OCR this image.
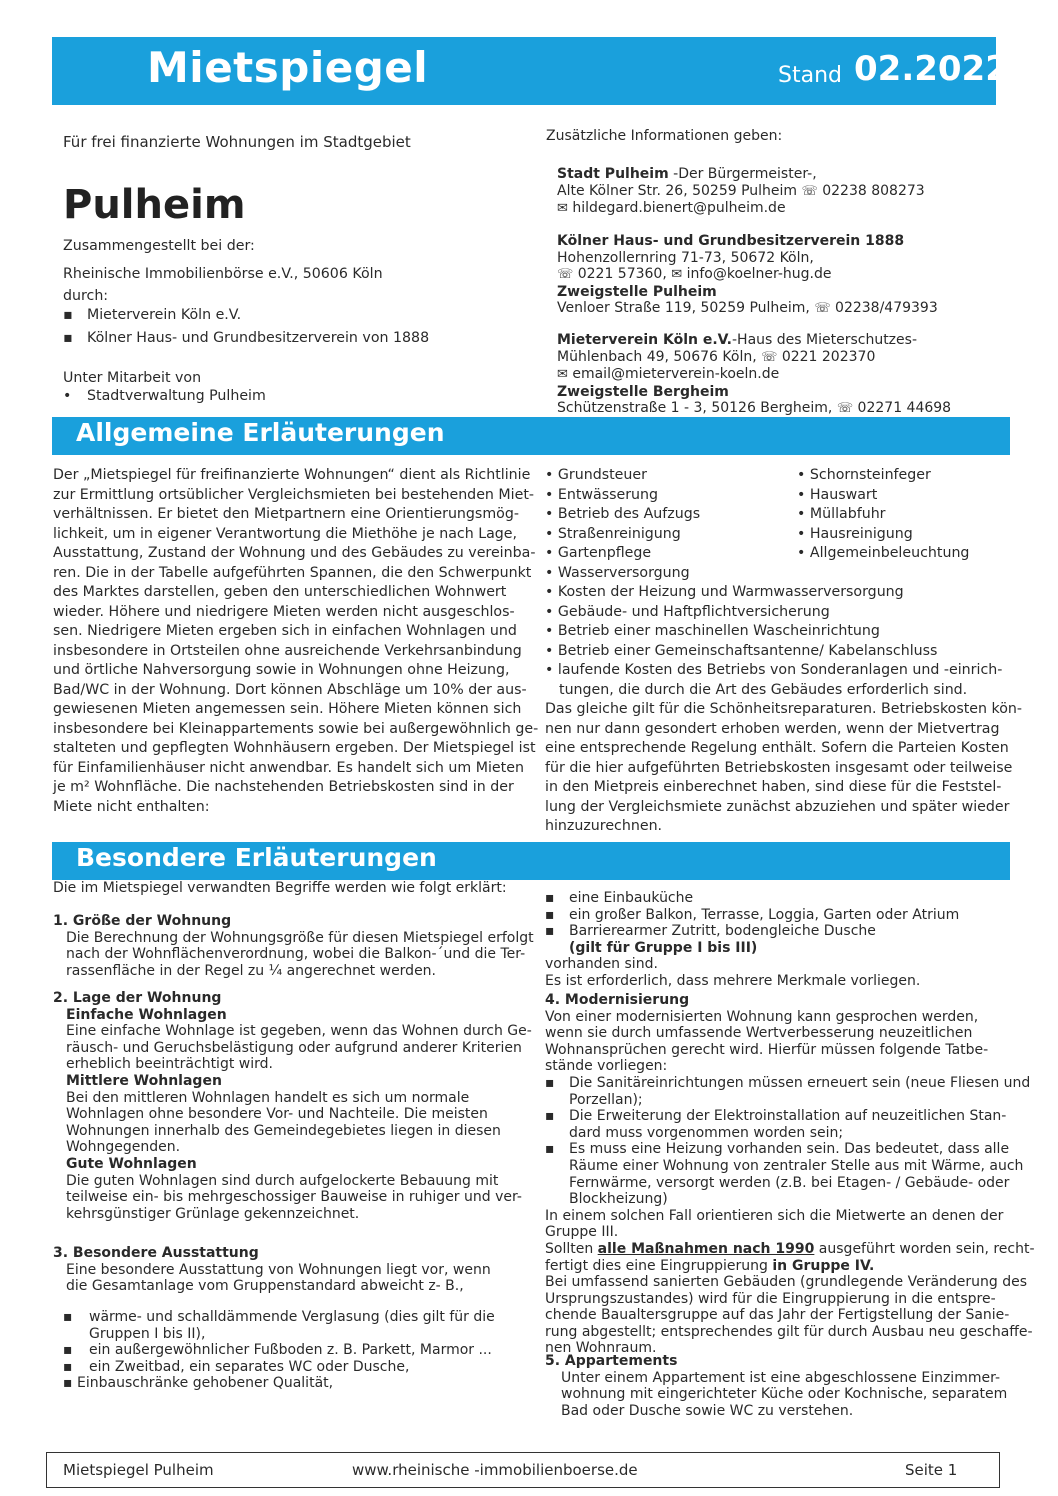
Mietspiegel	Stand 02.2022
Für frei finanzierte Wohnungen im Stadtgebiet
Pulheim
Zusammengestellt bei der:
Rheinische Immobilienbörse e.V., 50606 Köln
durch:
▪ Mieterverein Köln e.V.
▪ Kölner Haus- und Grundbesitzerverein von 1888
Unter Mitarbeit von
• Stadtverwaltung Pulheim
Zusätzliche Informationen geben:
Stadt Pulheim -Der Bürgermeister-,
Alte Kölner Str. 26, 50259 Pulheim ☏ 02238 808273
✉ hildegard.bienert@pulheim.de
Kölner Haus- und Grundbesitzerverein 1888
Hohenzollernring 71-73, 50672 Köln,
☏ 0221 57360, ✉ info@koelner-hug.de
Zweigstelle Pulheim
Venloer Straße 119, 50259 Pulheim, ☏ 02238/479393
Mieterverein Köln e.V.-Haus des Mieterschutzes-
Mühlenbach 49, 50676 Köln, ☏ 0221 202370
✉ email@mieterverein-koeln.de
Zweigstelle Bergheim
Schützenstraße 1 - 3, 50126 Bergheim, ☏ 02271 44698
Allgemeine Erläuterungen
Der „Mietspiegel für freifinanzierte Wohnungen“ dient als Richtlinie
zur Ermittlung ortsüblicher Vergleichsmieten bei bestehenden Miet-
verhältnissen. Er bietet den Mietpartnern eine Orientierungsmög-
lichkeit, um in eigener Verantwortung die Miethöhe je nach Lage,
Ausstattung, Zustand der Wohnung und des Gebäudes zu vereinba-
ren. Die in der Tabelle aufgeführten Spannen, die den Schwerpunkt
des Marktes darstellen, geben den unterschiedlichen Wohnwert
wieder. Höhere und niedrigere Mieten werden nicht ausgeschlos-
sen. Niedrigere Mieten ergeben sich in einfachen Wohnlagen und
insbesondere in Ortsteilen ohne ausreichende Verkehrsanbindung
und örtliche Nahversorgung sowie in Wohnungen ohne Heizung,
Bad/WC in der Wohnung. Dort können Abschläge um 10% der aus-
gewiesenen Mieten angemessen sein. Höhere Mieten können sich
insbesondere bei Kleinappartements sowie bei außergewöhnlich ge-
stalteten und gepflegten Wohnhäusern ergeben. Der Mietspiegel ist
für Einfamilienhäuser nicht anwendbar. Es handelt sich um Mieten
je m² Wohnfläche. Die nachstehenden Betriebskosten sind in der
Miete nicht enthalten:
• Grundsteuer
• Entwässerung
• Betrieb des Aufzugs
• Straßenreinigung
• Gartenpflege
• Wasserversorgung
• Kosten der Heizung und Warmwasserversorgung
• Gebäude- und Haftpflichtversicherung
• Betrieb einer maschinellen Wascheinrichtung
• Betrieb einer Gemeinschaftsantenne/ Kabelanschluss
• laufende Kosten des Betriebs von Sonderanlagen und -einrich-
tungen, die durch die Art des Gebäudes erforderlich sind.
• Schornsteinfeger
• Hauswart
• Müllabfuhr
• Hausreinigung
• Allgemeinbeleuchtung
Das gleiche gilt für die Schönheitsreparaturen. Betriebskosten kön-
nen nur dann gesondert erhoben werden, wenn der Mietvertrag
eine entsprechende Regelung enthält. Sofern die Parteien Kosten
für die hier aufgeführten Betriebskosten insgesamt oder teilweise
in den Mietpreis einberechnet haben, sind diese für die Feststel-
lung der Vergleichsmiete zunächst abzuziehen und später wieder
hinzuzurechnen.
Besondere Erläuterungen
Die im Mietspiegel verwandten Begriffe werden wie folgt erklärt:
1. Größe der Wohnung
Die Berechnung der Wohnungsgröße für diesen Mietspiegel erfolgt
nach der Wohnflächenverordnung, wobei die Balkon-´und die Ter-
rassenfläche in der Regel zu ¼ angerechnet werden.
2. Lage der Wohnung
Einfache Wohnlagen
Eine einfache Wohnlage ist gegeben, wenn das Wohnen durch Ge-
räusch- und Geruchsbelästigung oder aufgrund anderer Kriterien
erheblich beeinträchtigt wird.
Mittlere Wohnlagen
Bei den mittleren Wohnlagen handelt es sich um normale
Wohnlagen ohne besondere Vor- und Nachteile. Die meisten
Wohnungen innerhalb des Gemeindegebietes liegen in diesen
Wohngegenden.
Gute Wohnlagen
Die guten Wohnlagen sind durch aufgelockerte Bebauung mit
teilweise ein- bis mehrgeschossiger Bauweise in ruhiger und ver-
kehrsgünstiger Grünlage gekennzeichnet.
3. Besondere Ausstattung
Eine besondere Ausstattung von Wohnungen liegt vor, wenn
die Gesamtanlage vom Gruppenstandard abweicht z- B.,
▪ wärme- und schalldämmende Verglasung (dies gilt für die
Gruppen I bis II),
▪ ein außergewöhnlicher Fußboden z. B. Parkett, Marmor ...
▪ ein Zweitbad, ein separates WC oder Dusche,
▪ Einbauschränke gehobener Qualität,
▪ eine Einbauküche
▪ ein großer Balkon, Terrasse, Loggia, Garten oder Atrium
▪ Barrierearmer Zutritt, bodengleiche Dusche
(gilt für Gruppe I bis III)
vorhanden sind.
Es ist erforderlich, dass mehrere Merkmale vorliegen.
4. Modernisierung
Von einer modernisierten Wohnung kann gesprochen werden,
wenn sie durch umfassende Wertverbesserung neuzeitlichen
Wohnansprüchen gerecht wird. Hierfür müssen folgende Tatbe-
stände vorliegen:
▪ Die Sanitäreinrichtungen müssen erneuert sein (neue Fliesen und
Porzellan);
▪ Die Erweiterung der Elektroinstallation auf neuzeitlichen Stan-
dard muss vorgenommen worden sein;
▪ Es muss eine Heizung vorhanden sein. Das bedeutet, dass alle
Räume einer Wohnung von zentraler Stelle aus mit Wärme, auch
Fernwärme, versorgt werden (z.B. bei Etagen- / Gebäude- oder
Blockheizung)
In einem solchen Fall orientieren sich die Mietwerte an denen der
Gruppe III.
Sollten alle Maßnahmen nach 1990 ausgeführt worden sein, recht-
fertigt dies eine Eingruppierung in Gruppe IV.
Bei umfassend sanierten Gebäuden (grundlegende Veränderung des
Ursprungszustandes) wird für die Eingruppierung in die entspre-
chende Baualtersgruppe auf das Jahr der Fertigstellung der Sanie-
rung abgestellt; entsprechendes gilt für durch Ausbau neu geschaffe-
nen Wohnraum.
5. Appartements
Unter einem Appartement ist eine abgeschlossene Einzimmer-
wohnung mit eingerichteter Küche oder Kochnische, separatem
Bad oder Dusche sowie WC zu verstehen.
Mietspiegel Pulheim	www.rheinische -immobilienboerse.de	Seite 1
